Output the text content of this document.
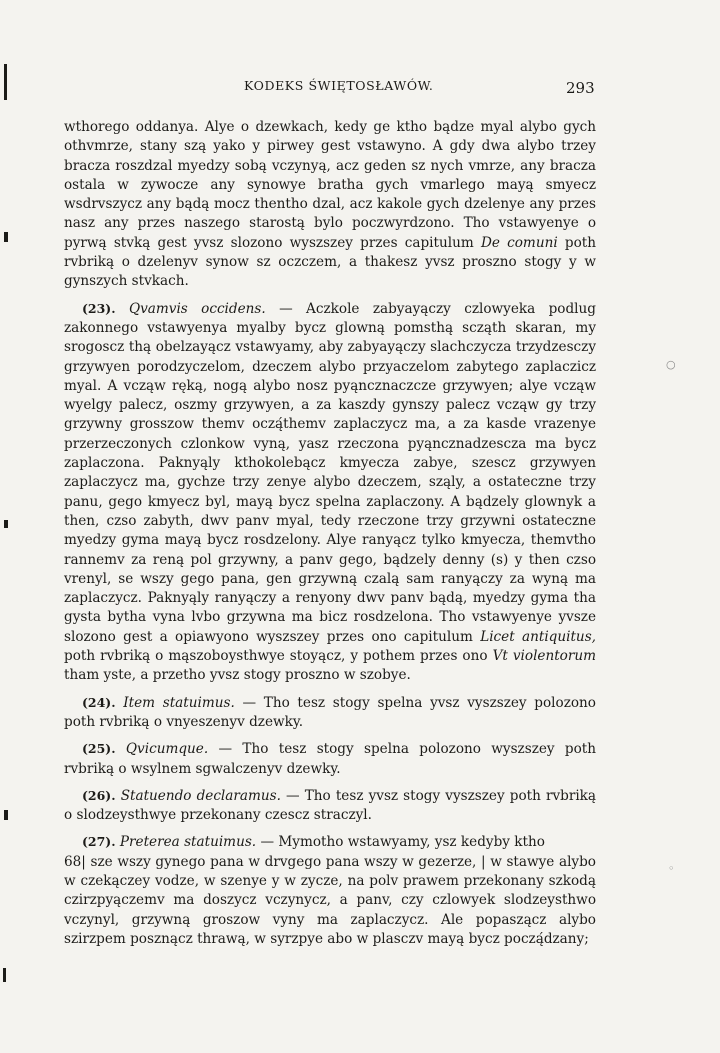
KODEKS ŚWIĘTOSŁAWÓW.	293

wthorego oddanya. Alye o dzewkach, kedy ge ktho bądze myal alybo gych othvmrze, stany szą yako y pirwey gest vstawyno. A gdy dwa alybo trzey bracza roszdzal myedzy sobą vczynyą, acz geden sz nych vmrze, any bracza ostala w zywocze any synowye bratha gych vmarlego mayą smyecz wsdrvszycz any bądą mocz thentho dzal, acz kakole gych dzelenye any przes nasz any przes naszego starostą bylo poczwyrdzono. Tho vstawyenye o pyrwą stvką gest yvsz slozono wyszszey przes capitulum De comuni poth rvbriką o dzelenyv synow sz oczczem, a thakesz yvsz proszno stogy y w gynszych stvkach.

(23). Qvamvis occidens. — Aczkole zabyayączy czlowyeka podlug zakonnego vstawyenya myalby bycz glowną pomsthą scząth skaran, my srogoscz thą obelzayącz vstawyamy, aby zabyayączy slachczycza trzydzesczy grzywyen porodzyczelom, dzeczem alybo przyaczelom zabytego zaplaczicz myal. A vcząw ręką, nogą alybo nosz pyąncznaczcze grzywyen; alye vcząw wyelgy palecz, oszmy grzywyen, a za kaszdy gynszy palecz vcząw gy trzy grzywny grosszow themv oczą́themv zaplaczycz ma, a za kasde vrazenye przerzeczonych czlonkow vyną, yasz rzeczona pyąncznadzescza ma bycz zaplaczona. Paknyąly kthokolebącz kmyecza zabye, szescz grzywyen zaplaczycz ma, gychze trzy zenye alybo dzeczem, sząly, a ostateczne trzy panu, gego kmyecz byl, mayą bycz spelna zaplaczony. A bądzely glownyk a then, czso zabyth, dwv panv myal, tedy rzeczone trzy grzywni ostateczne myedzy gyma mayą bycz rosdzelony. Alye ranyącz tylko kmyecza, themvtho rannemv za reną pol grzywny, a panv gego, bądzely denny (s) y then czso vrenyl, se wszy gego pana, gen grzywną czalą sam ranyączy za wyną ma zaplaczycz. Paknyąly ranyączy a renyony dwv panv bądą, myedzy gyma tha gysta bytha vyna lvbo grzywna ma bicz rosdzelona. Tho vstawyenye yvsze slozono gest a opiawyono wyszszey przes ono capitulum Licet antiquitus, poth rvbriką o mąszoboysthwye stoyącz, y pothem przes ono Vt violentorum tham yste, a przetho yvsz stogy proszno w szobye.

(24). Item statuimus. — Tho tesz stogy spelna yvsz vyszszey polozono poth rvbriką o vnyeszenyv dzewky.

(25). Qvicumque. — Tho tesz stogy spelna polozono wyszszey poth rvbriką o wsylnem sgwalczenyv dzewky.

(26). Statuendo declaramus. — Tho tesz yvsz stogy vyszszey poth rvbriką o slodzeysthwye przekonany czescz straczyl.

(27). Preterea statuimus. — Mymotho wstawyamy, ysz kedyby ktho
68| sze wszy gynego pana w drvgego pana wszy w gezerze, | w stawye alybo w czekączey vodze, w szenye y w zycze, na polv prawem przekonany szkodą czirzpyączemv ma doszycz vczynycz, a panv, czy czlowyek slodzeysthwo vczynyl, grzywną groszow vyny ma zaplaczycz. Ale popaszącz alybo szirzpem posznącz thrawą, w syrzpye abo w plasczv mayą bycz począ́dzany;

○
◦
